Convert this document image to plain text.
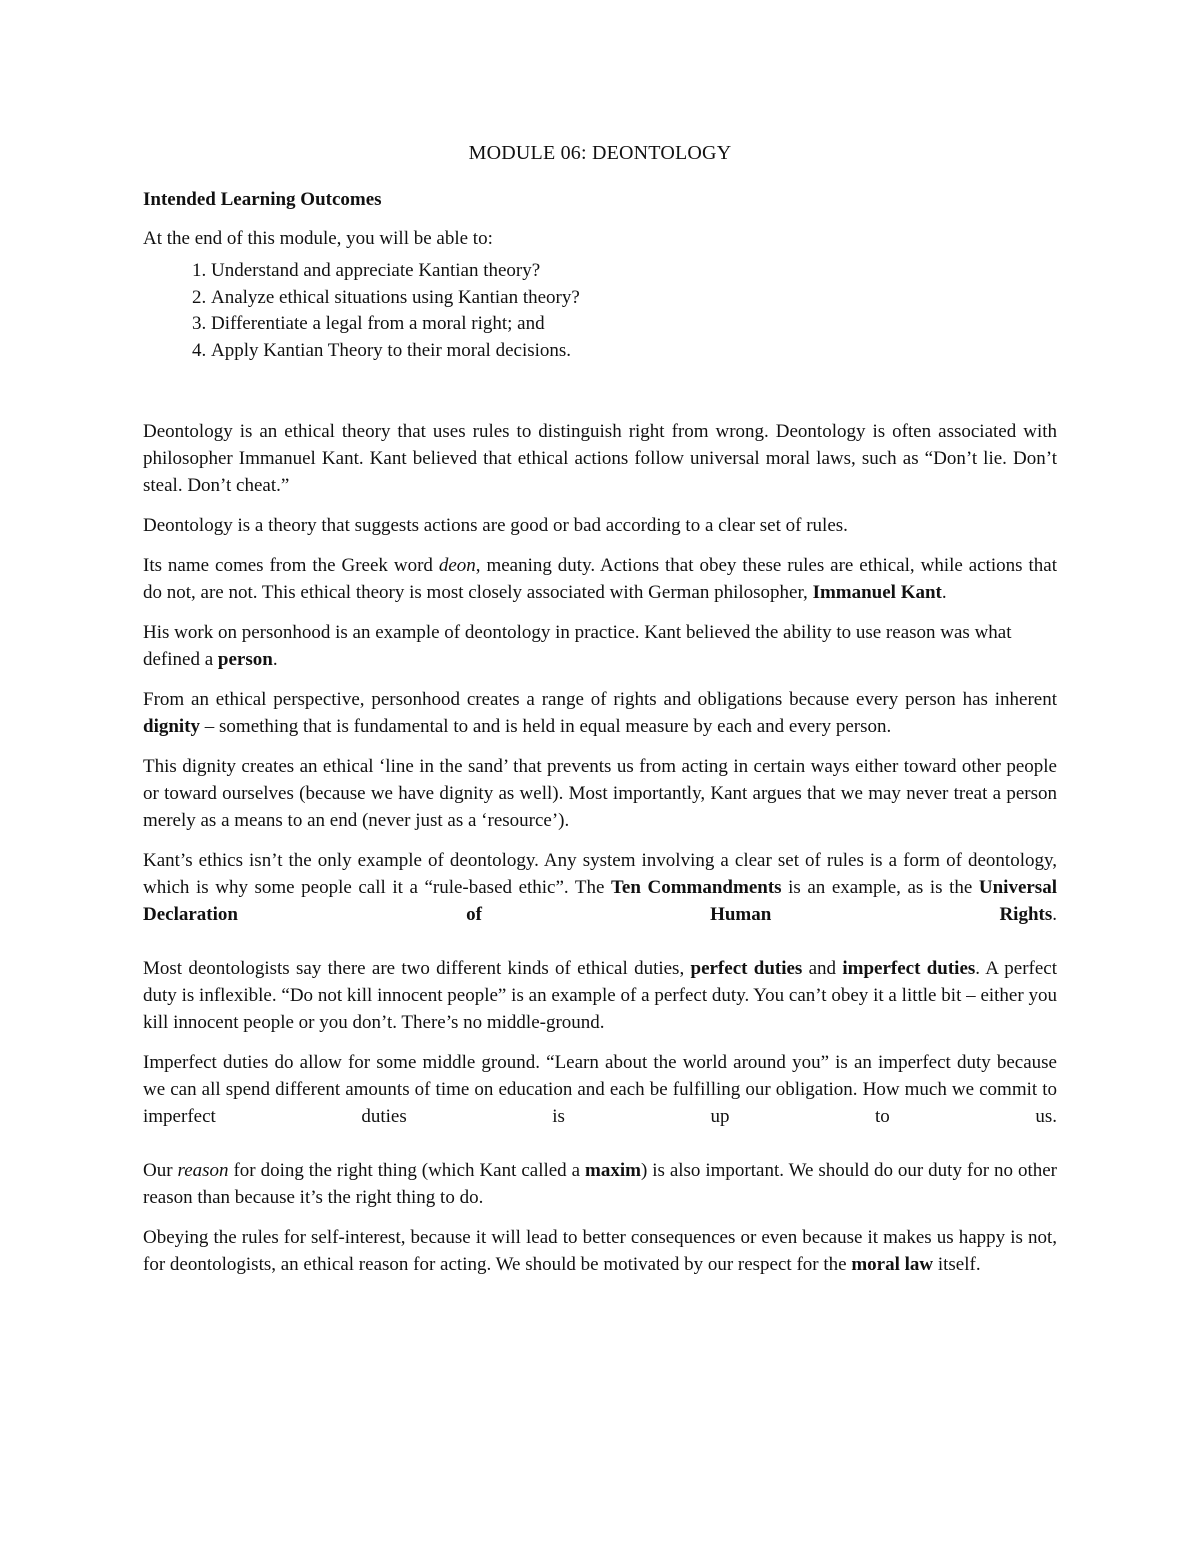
MODULE 06: DEONTOLOGY
Intended Learning Outcomes

At the end of this module, you will be able to:

1. Understand and appreciate Kantian theory?
2. Analyze ethical situations using Kantian theory?
3. Differentiate a legal from a moral right; and
4. Apply Kantian Theory to their moral decisions.

Deontology is an ethical theory that uses rules to distinguish right from wrong. Deontology is often associated with philosopher Immanuel Kant. Kant believed that ethical actions follow universal moral laws, such as “Don’t lie. Don’t steal. Don’t cheat.”

Deontology is a theory that suggests actions are good or bad according to a clear set of rules.

Its name comes from the Greek word deon, meaning duty. Actions that obey these rules are ethical, while actions that do not, are not. This ethical theory is most closely associated with German philosopher, Immanuel Kant.

His work on personhood is an example of deontology in practice. Kant believed the ability to use reason was what defined a person.

From an ethical perspective, personhood creates a range of rights and obligations because every person has inherent dignity – something that is fundamental to and is held in equal measure by each and every person.

This dignity creates an ethical ‘line in the sand’ that prevents us from acting in certain ways either toward other people or toward ourselves (because we have dignity as well). Most importantly, Kant argues that we may never treat a person merely as a means to an end (never just as a ‘resource’).

Kant’s ethics isn’t the only example of deontology. Any system involving a clear set of rules is a form of deontology, which is why some people call it a “rule-based ethic”. The Ten Commandments is an example, as is the Universal Declaration of Human Rights.

Most deontologists say there are two different kinds of ethical duties, perfect duties and imperfect duties. A perfect duty is inflexible. “Do not kill innocent people” is an example of a perfect duty. You can’t obey it a little bit – either you kill innocent people or you don’t. There’s no middle-ground.

Imperfect duties do allow for some middle ground. “Learn about the world around you” is an imperfect duty because we can all spend different amounts of time on education and each be fulfilling our obligation. How much we commit to imperfect duties is up to us.

Our reason for doing the right thing (which Kant called a maxim) is also important. We should do our duty for no other reason than because it’s the right thing to do.

Obeying the rules for self-interest, because it will lead to better consequences or even because it makes us happy is not, for deontologists, an ethical reason for acting. We should be motivated by our respect for the moral law itself.
